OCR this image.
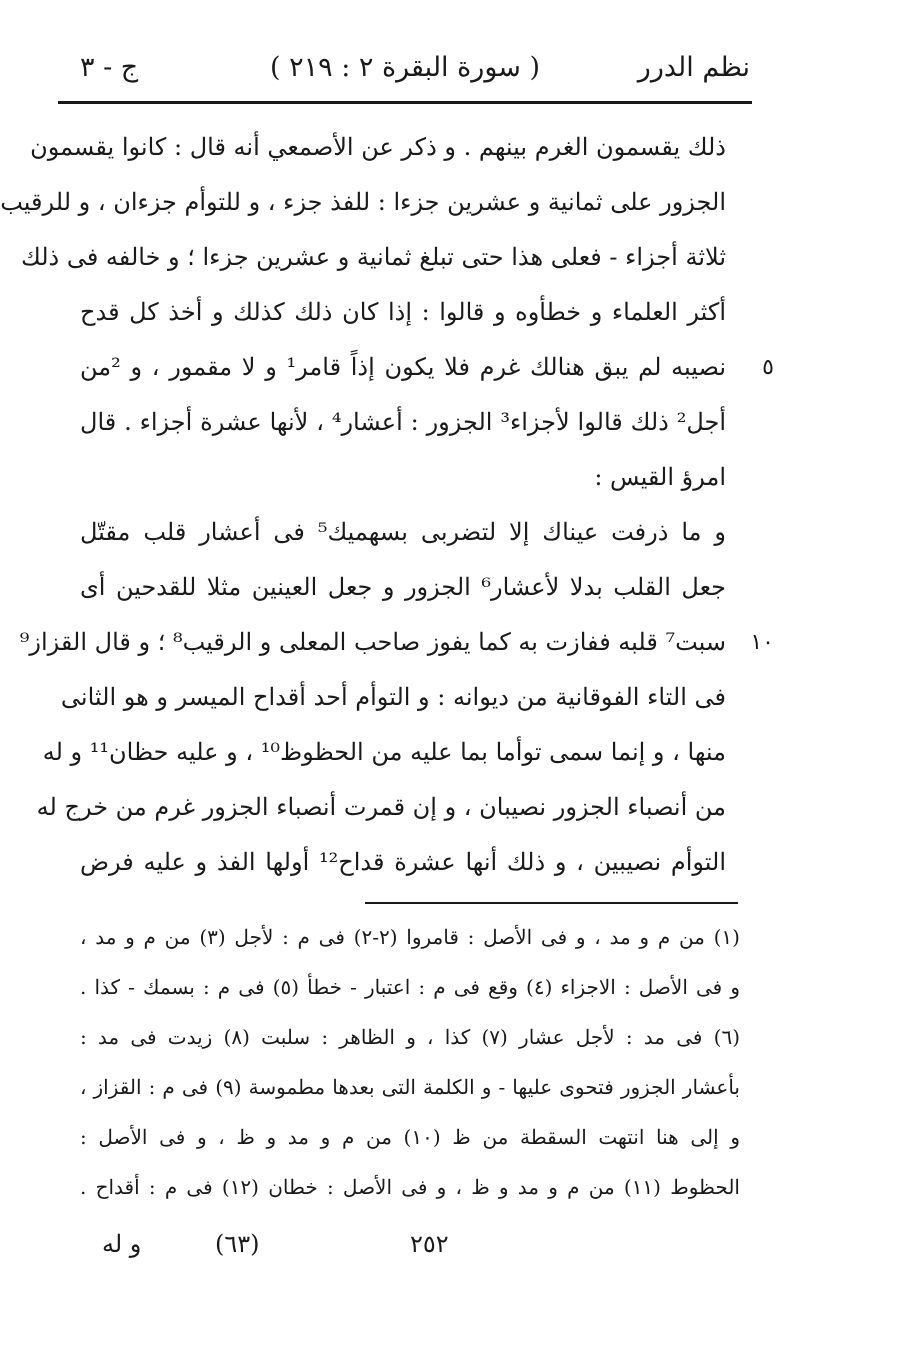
نظم الدرر
( سورة البقرة ۲ : ۲۱۹ )
ج - ۳
ذلك يقسمون الغرم بينهم . و ذكر عن الأصمعي أنه قال : كانوا يقسمون
الجزور على ثمانية و عشرين جزءا : للفذ جزء ، و للتوأم جزءان ، و للرقيب
ثلاثة أجزاء - فعلى هذا حتى تبلغ ثمانية و عشرين جزءا ؛ و خالفه فى ذلك
أكثر العلماء و خطأوه و قالوا : إذا كان ذلك كذلك و أخذ كل قدح
٥
نصيبه لم يبق هنالك غرم فلا يكون إذاً قامر¹ و لا مقمور ، و ²من
أجل² ذلك قالوا لأجزاء³ الجزور : أعشار⁴ ، لأنها عشرة أجزاء . قال
امرؤ القيس :
و ما ذرفت عيناك إلا لتضربى بسهميك⁵ فى أعشار قلب مقتّل
جعل القلب بدلا لأعشار⁶ الجزور و جعل العينين مثلا للقدحين أى
١٠
سبت⁷ قلبه ففازت به كما يفوز صاحب المعلى و الرقيب⁸ ؛ و قال القزاز⁹
فى التاء الفوقانية من ديوانه : و التوأم أحد أقداح الميسر و هو الثانى
منها ، و إنما سمى توأما بما عليه من الحظوظ¹⁰ ، و عليه حظان¹¹ و له
من أنصباء الجزور نصيبان ، و إن قمرت أنصباء الجزور غرم من خرج له
التوأم نصيبين ، و ذلك أنها عشرة قداح¹² أولها الفذ و عليه فرض
(١) من م و مد ، و فى الأصل : قامروا (٢-٢) فى م : لأجل (٣) من م و مد ،
و فى الأصل : الاجزاء (٤) وقع فى م : اعتبار - خطأ (٥) فى م : بسمك - كذا .
(٦) فى مد : لأجل عشار (٧) كذا ، و الظاهر : سلبت (٨) زيدت فى مد :
بأعشار الجزور فتحوى عليها - و الكلمة التى بعدها مطموسة (٩) فى م : القزاز ،
و إلى هنا انتهت السقطة من ظ (١٠) من م و مد و ظ ، و فى الأصل :
الحظوط (١١) من م و مد و ظ ، و فى الأصل : خطان (١٢) فى م : أقداح .
۲٥۲
(٦٣)
و له
